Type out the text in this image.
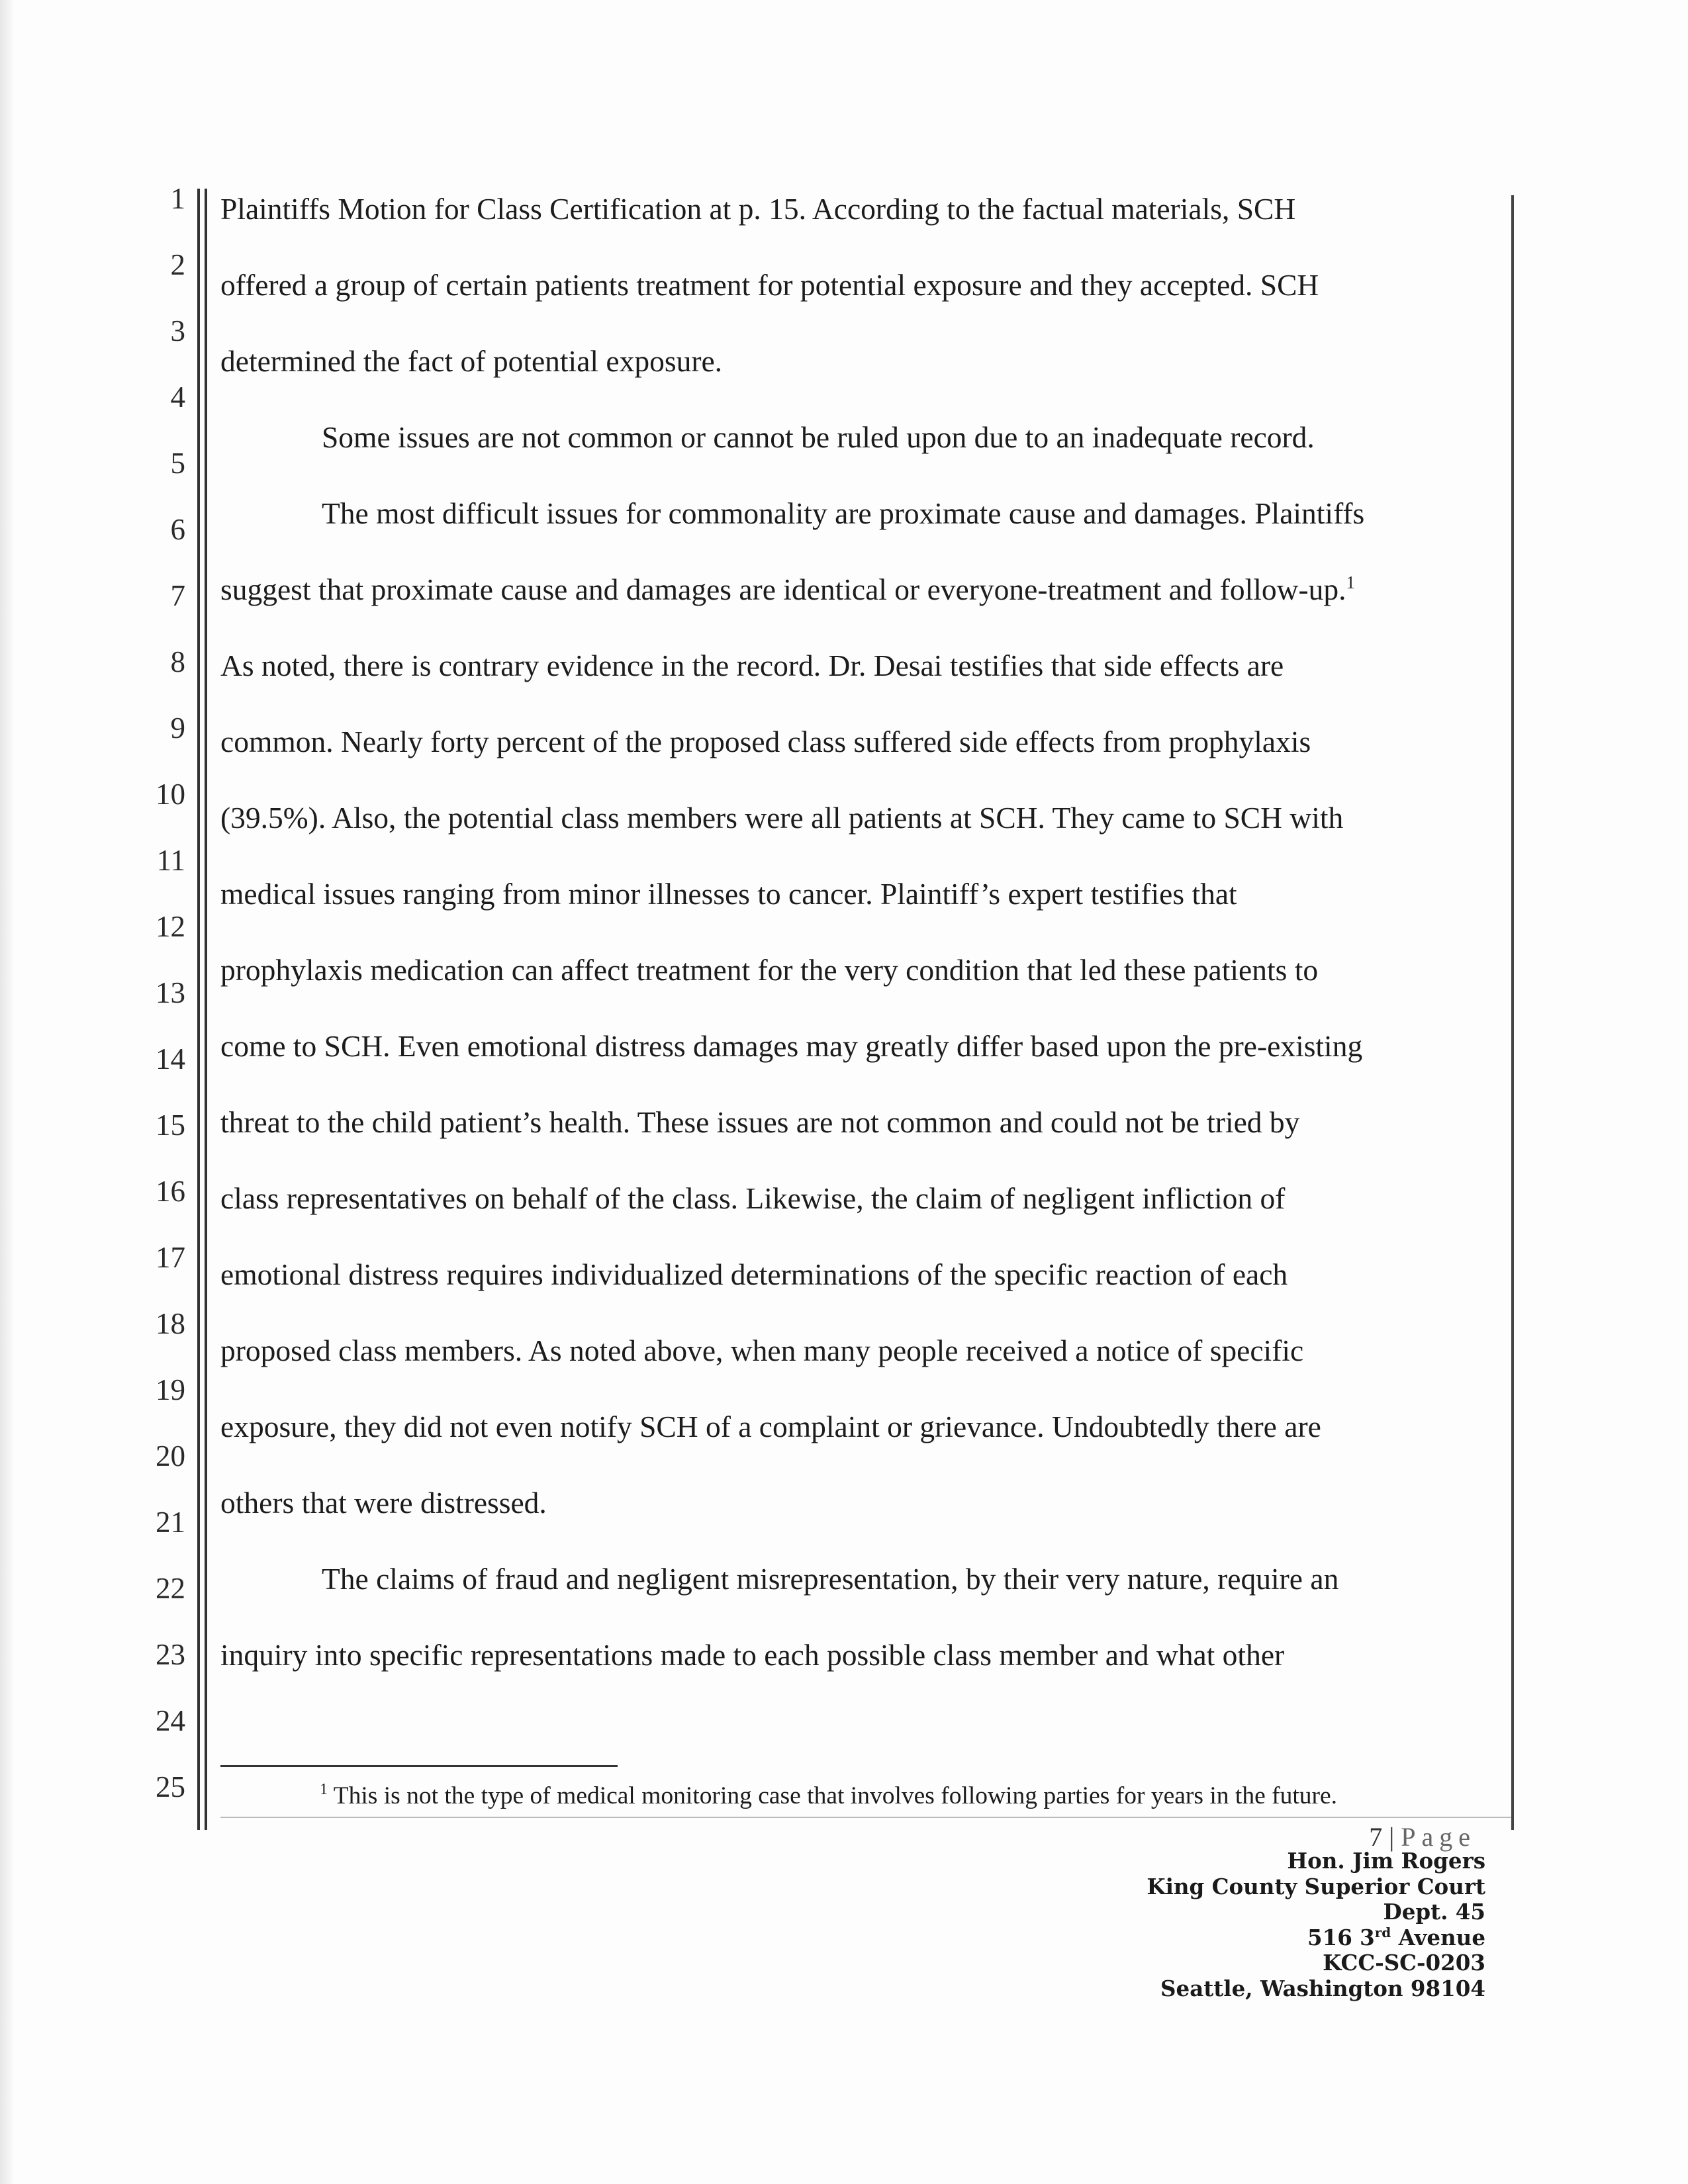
1
2
3
4
5
6
7
8
9
10
11
12
13
14
15
16
17
18
19
20
21
22
23
24
25
Plaintiffs Motion for Class Certification at p. 15. According to the factual materials, SCH
offered a group of certain patients treatment for potential exposure and they accepted. SCH
determined the fact of potential exposure.
Some issues are not common or cannot be ruled upon due to an inadequate record.
The most difficult issues for commonality are proximate cause and damages. Plaintiffs
suggest that proximate cause and damages are identical or everyone-treatment and follow-up.$^1$
As noted, there is contrary evidence in the record. Dr. Desai testifies that side effects are
common. Nearly forty percent of the proposed class suffered side effects from prophylaxis
(39.5%). Also, the potential class members were all patients at SCH. They came to SCH with
medical issues ranging from minor illnesses to cancer. Plaintiff’s expert testifies that
prophylaxis medication can affect treatment for the very condition that led these patients to
come to SCH. Even emotional distress damages may greatly differ based upon the pre-existing
threat to the child patient’s health. These issues are not common and could not be tried by
class representatives on behalf of the class. Likewise, the claim of negligent infliction of
emotional distress requires individualized determinations of the specific reaction of each
proposed class members. As noted above, when many people received a notice of specific
exposure, they did not even notify SCH of a complaint or grievance. Undoubtedly there are
others that were distressed.
The claims of fraud and negligent misrepresentation, by their very nature, require an
inquiry into specific representations made to each possible class member and what other
$^1$ This is not the type of medical monitoring case that involves following parties for years in the future.
7 | Page
Hon. Jim Rogers
King County Superior Court
Dept. 45
516 3rd Avenue
KCC-SC-0203
Seattle, Washington 98104
